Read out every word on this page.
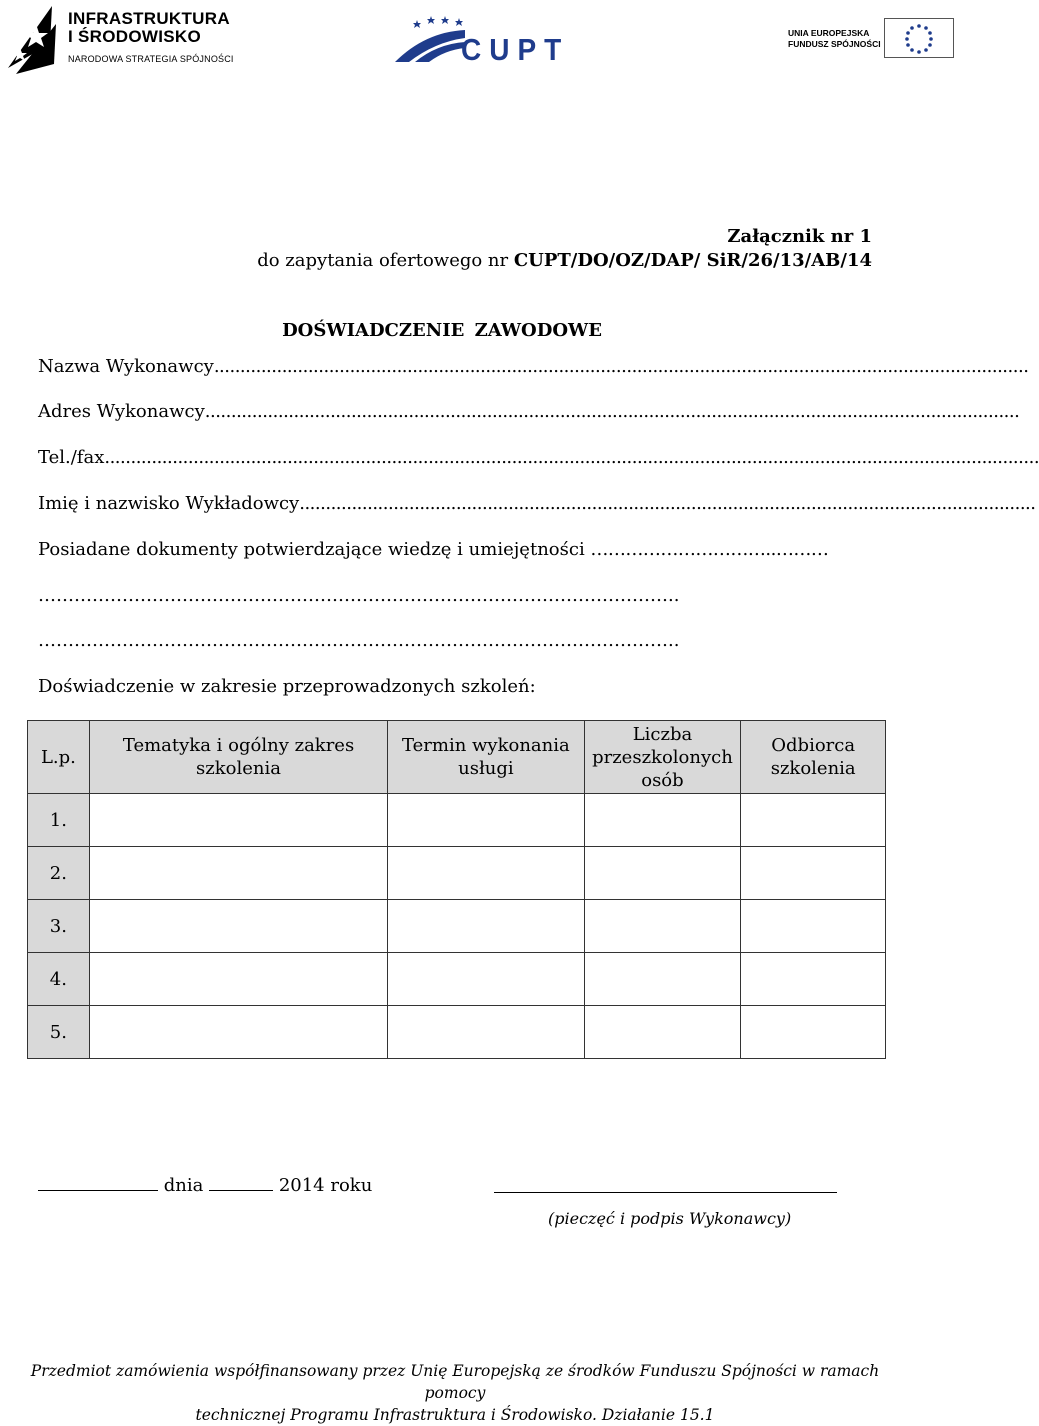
INFRASTRUKTURA
I ŚRODOWISKO
NARODOWA STRATEGIA SPÓJNOŚCI	CUPT	UNIA EUROPEJSKA
FUNDUSZ SPÓJNOŚCI
Załącznik nr 1
do zapytania ofertowego nr CUPT/DO/OZ/DAP/ SiR/26/13/AB/14
DOŚWIADCZENIE ZAWODOWE
Nazwa Wykonawcy............................................................................................................................................................
Adres Wykonawcy............................................................................................................................................................
Tel./fax...................................................................................................................................................................................
Imię i nazwisko Wykładowcy.............................................................................................................................................
Posiadane dokumenty potwierdzające wiedzę i umiejętności …………………………..………
……………………………………………………………………………………………..
……………………………………………………………………………………………..
Doświadczenie w zakresie przeprowadzonych szkoleń:
L.p.	Tematyka i ogólny zakres szkolenia	Termin wykonania usługi	Liczba przeszkolonych osób	Odbiorca szkolenia
1.				
2.				
3.				
4.				
5.				
dnia	2014 roku
(pieczęć i podpis Wykonawcy)
Przedmiot zamówienia współfinansowany przez Unię Europejską ze środków Funduszu Spójności w ramach pomocy
technicznej Programu Infrastruktura i Środowisko. Działanie 15.1
